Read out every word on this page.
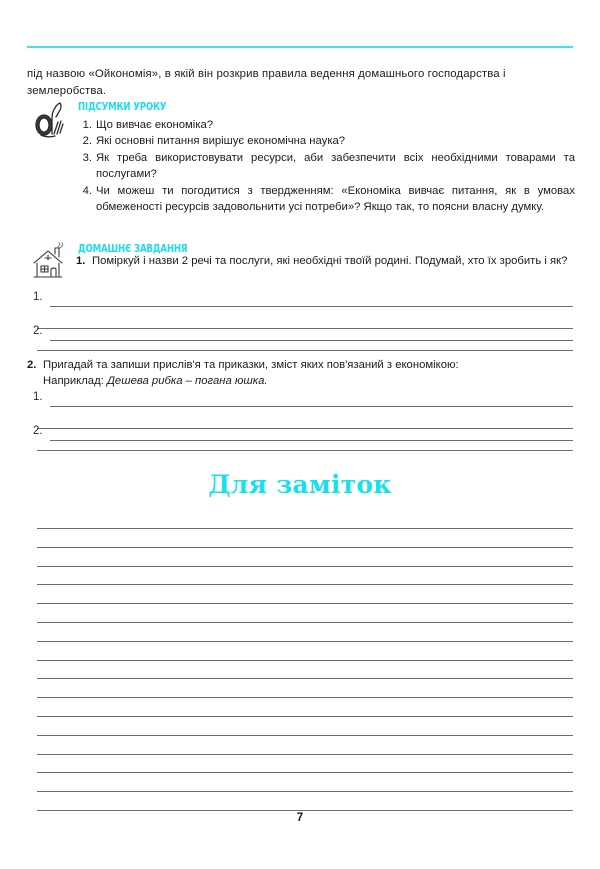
під назвою «Ойкономія», в якій він розкрив правила ведення домашнього господарства і землеробства.

ПІДСУМКИ УРОКУ
1. Що вивчає економіка?
2. Які основні питання вирішує економічна наука?
3. Як треба використовувати ресурси, аби забезпечити всіх необхідними товарами та послугами?
4. Чи можеш ти погодитися з твердженням: «Економіка вивчає питання, як в умовах обмеженості ресурсів задовольнити усі потреби»? Якщо так, то поясни власну думку.
ДОМАШНЄ ЗАВДАННЯ
1. Поміркуй і назви 2 речі та послуги, які необхідні твоїй родині. Подумай, хто їх зробить і як?
1.
2.
2. Пригадай та запиши прислів'я та приказки, зміст яких пов'язаний з економікою:
Наприклад: Дешева рибка – погана юшка.
1.
2.
Для заміток
7
